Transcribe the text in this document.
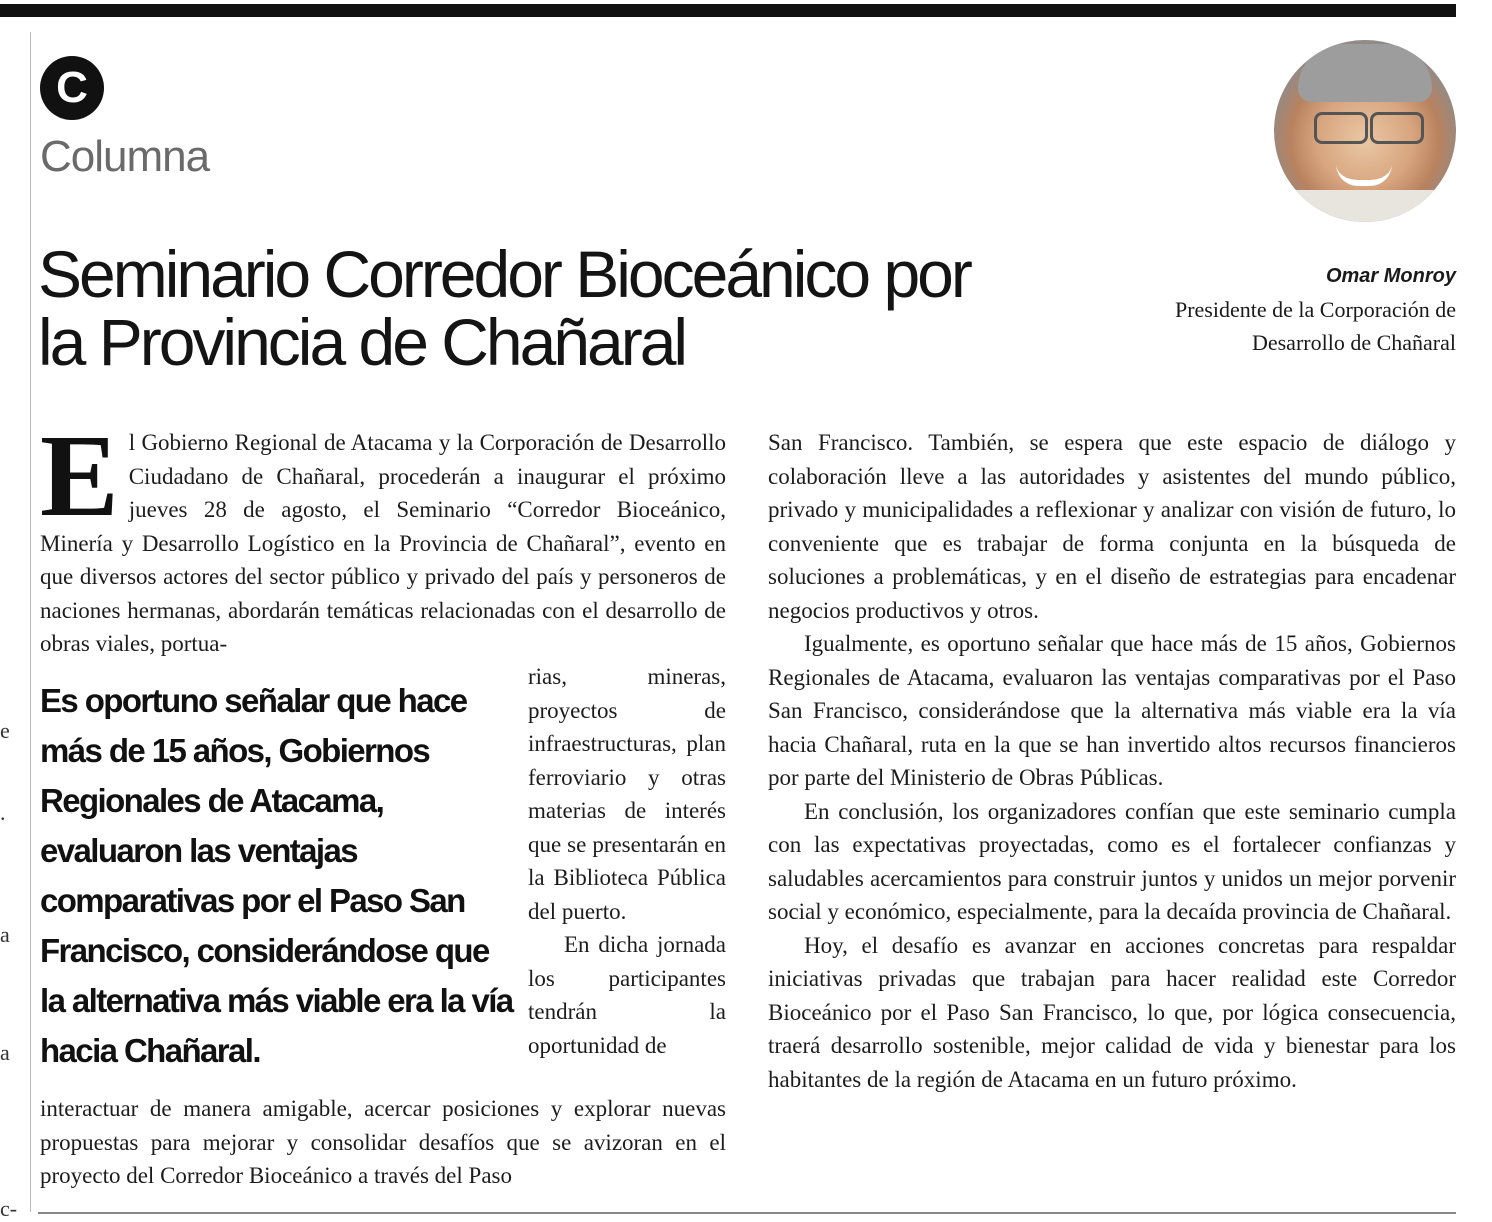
e
.
a
a
c-
C
Columna
Seminario Corredor Bioceánico por la Provincia de Chañaral
Omar Monroy
Presidente de la Corporación de
Desarrollo de Chañaral

El Gobierno Regional de Atacama y la Corporación de Desarrollo Ciudadano de Chañaral, procederán a inaugurar el próximo jueves 28 de agosto, el Seminario “Corredor Bioceánico, Minería y Desarrollo Logístico en la Provincia de Chañaral”, evento en que diversos actores del sector público y privado del país y personeros de naciones hermanas, abordarán temáticas relacionadas con el desarrollo de obras viales, portua-

Es oportuno señalar que hace más de 15 años, Gobiernos Regionales de Atacama, evaluaron las ventajas comparativas por el Paso San Francisco, considerándose que la alternativa más viable era la vía hacia Chañaral.

rias, mineras, proyectos de infraestructuras, plan ferroviario y otras materias de interés que se presentarán en la Biblioteca Pública del puerto.

En dicha jornada los participantes tendrán la oportunidad de

interactuar de manera amigable, acercar posiciones y explorar nuevas propuestas para mejorar y consolidar desafíos que se avizoran en el proyecto del Corredor Bioceánico a través del Paso

San Francisco. También, se espera que este espacio de diálogo y colaboración lleve a las autoridades y asistentes del mundo público, privado y municipalidades a reflexionar y analizar con visión de futuro, lo conveniente que es trabajar de forma conjunta en la búsqueda de soluciones a problemáticas, y en el diseño de estrategias para encadenar negocios productivos y otros.

Igualmente, es oportuno señalar que hace más de 15 años, Gobiernos Regionales de Atacama, evaluaron las ventajas comparativas por el Paso San Francisco, considerándose que la alternativa más viable era la vía hacia Chañaral, ruta en la que se han invertido altos recursos financieros por parte del Ministerio de Obras Públicas.

En conclusión, los organizadores confían que este seminario cumpla con las expectativas proyectadas, como es el fortalecer confianzas y saludables acercamientos para construir juntos y unidos un mejor porvenir social y económico, especialmente, para la decaída provincia de Chañaral.

Hoy, el desafío es avanzar en acciones concretas para respaldar iniciativas privadas que trabajan para hacer realidad este Corredor Bioceánico por el Paso San Francisco, lo que, por lógica consecuencia, traerá desarrollo sostenible, mejor calidad de vida y bienestar para los habitantes de la región de Atacama en un futuro próximo.
